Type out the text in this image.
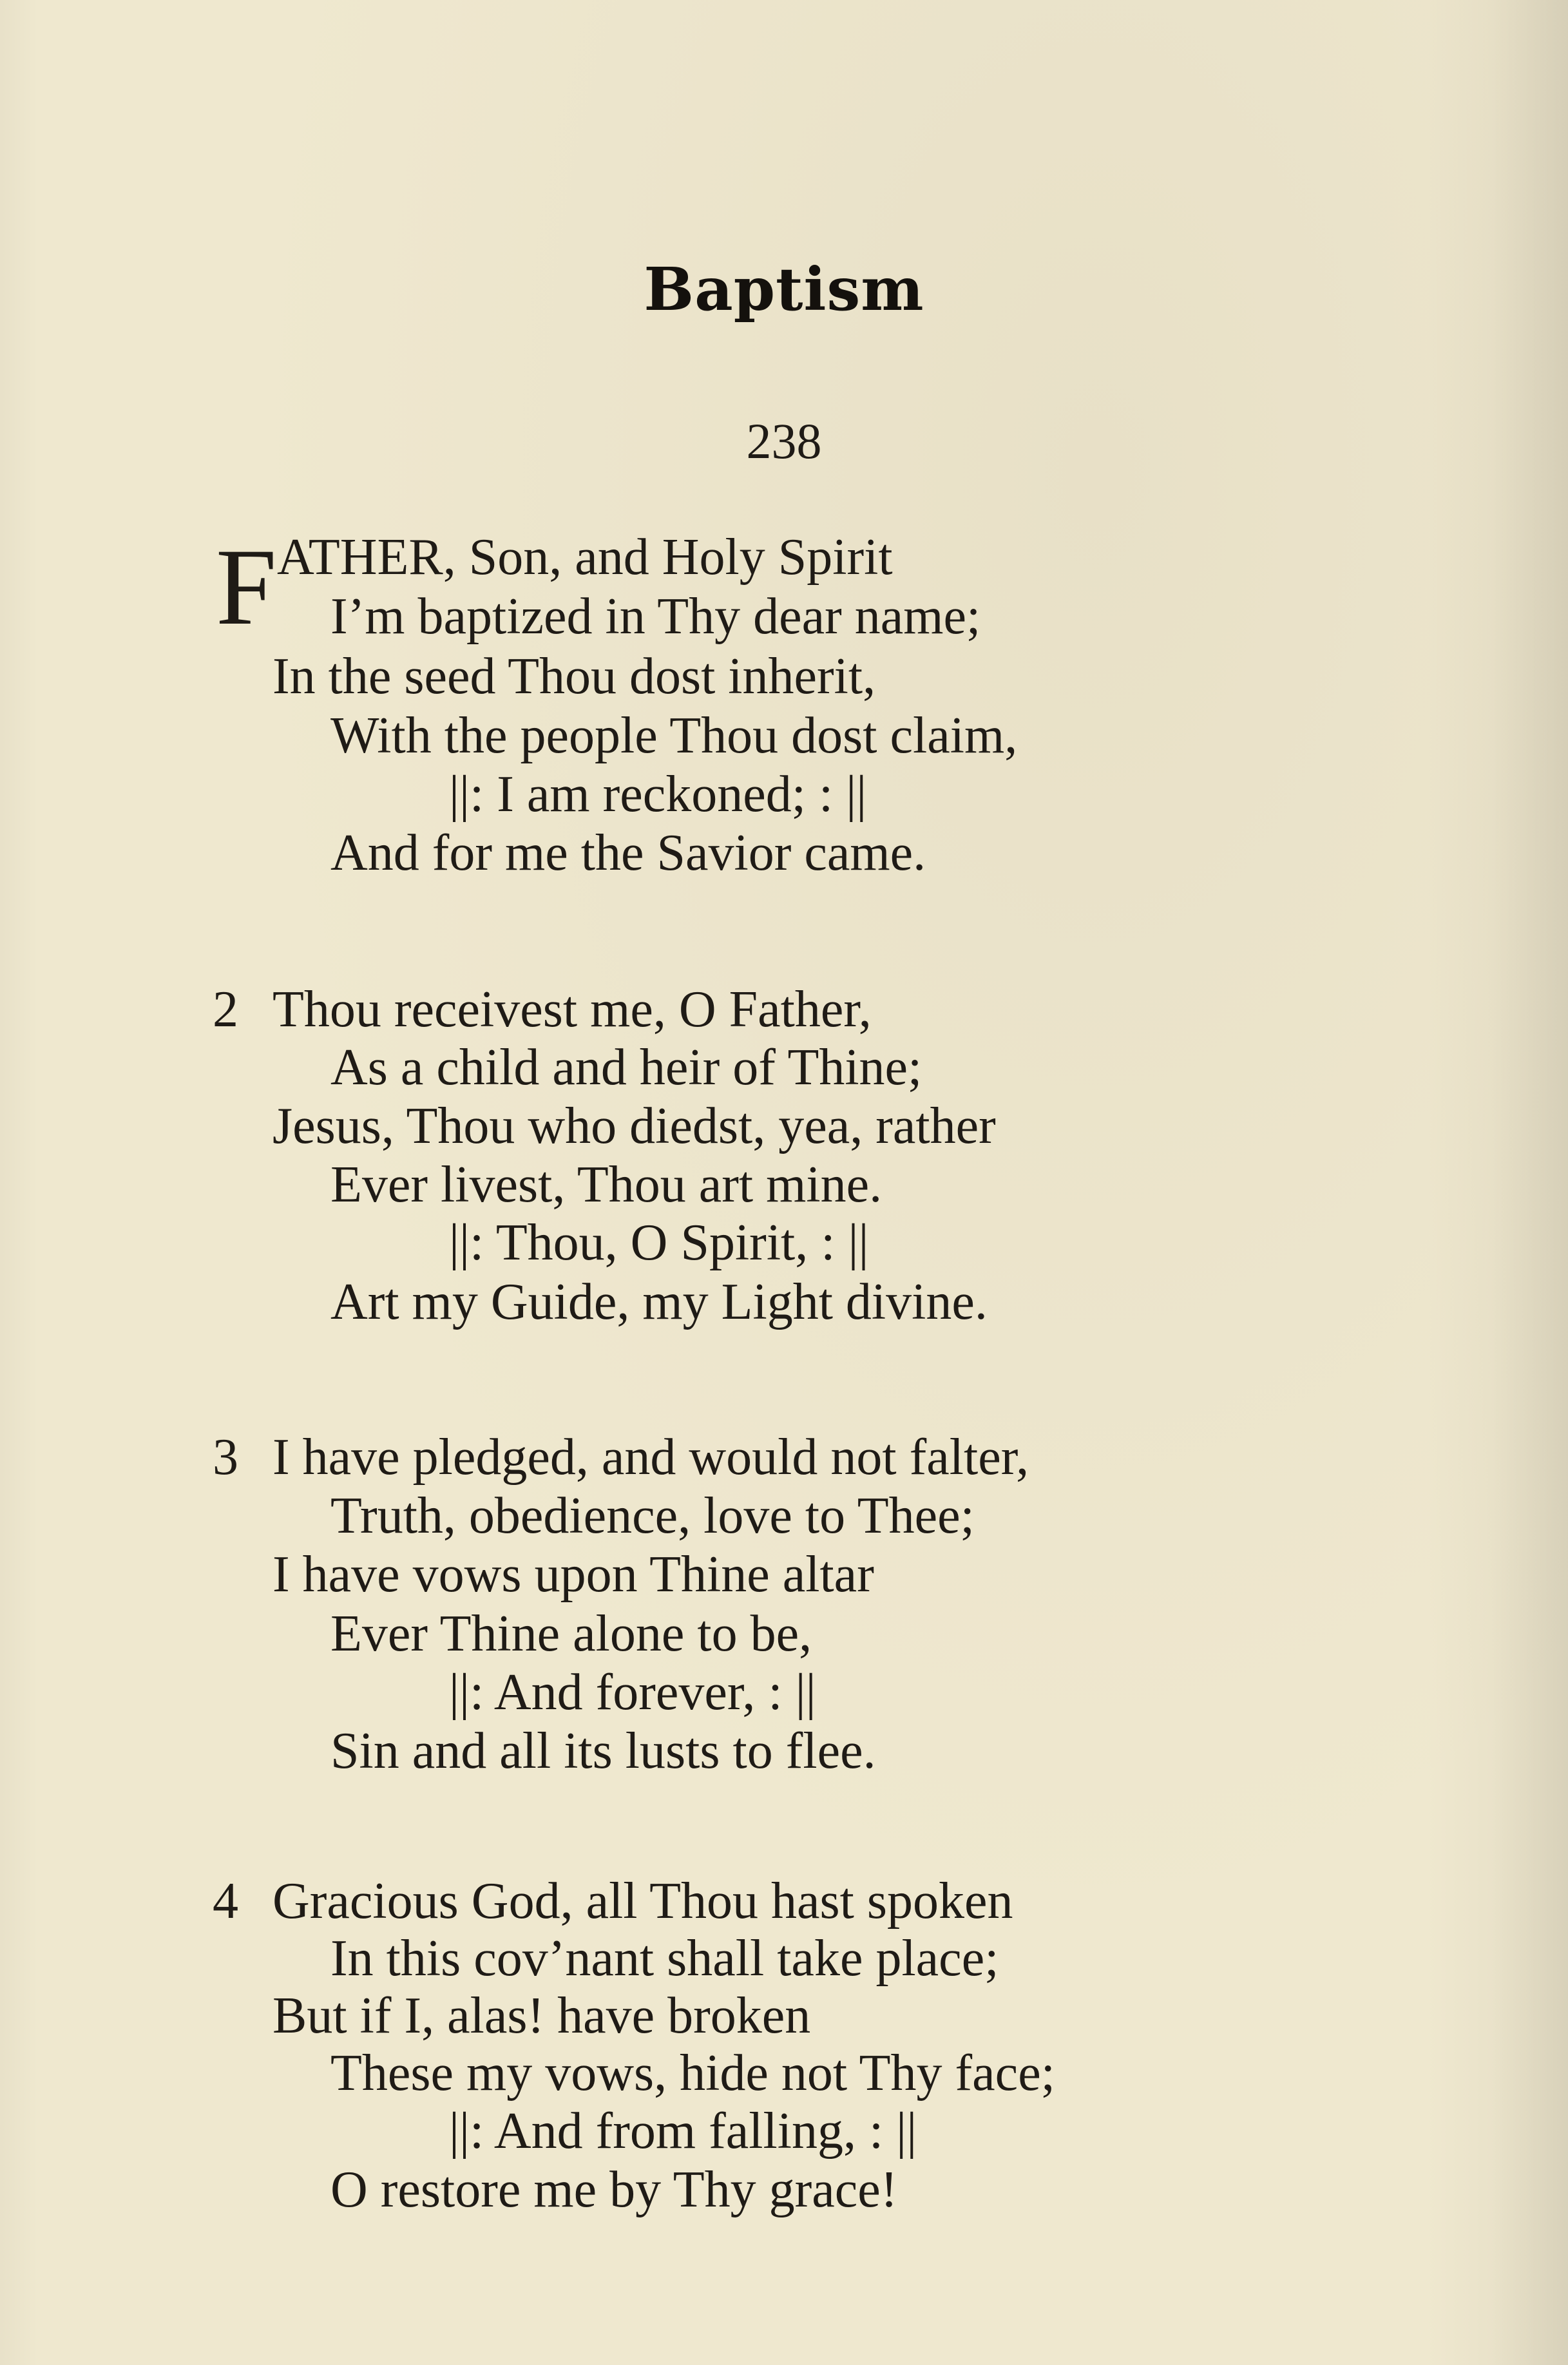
Baptism
238
F ATHER, Son, and Holy Spirit
I’m baptized in Thy dear name;
In the seed Thou dost inherit,
With the people Thou dost claim,
||: I am reckoned; : ||
And for me the Savior came.
2 Thou receivest me, O Father,
As a child and heir of Thine;
Jesus, Thou who diedst, yea, rather
Ever livest, Thou art mine.
||: Thou, O Spirit, : ||
Art my Guide, my Light divine.
3 I have pledged, and would not falter,
Truth, obedience, love to Thee;
I have vows upon Thine altar
Ever Thine alone to be,
||: And forever, : ||
Sin and all its lusts to flee.
4 Gracious God, all Thou hast spoken
In this cov’nant shall take place;
But if I, alas! have broken
These my vows, hide not Thy face;
||: And from falling, : ||
O restore me by Thy grace!
